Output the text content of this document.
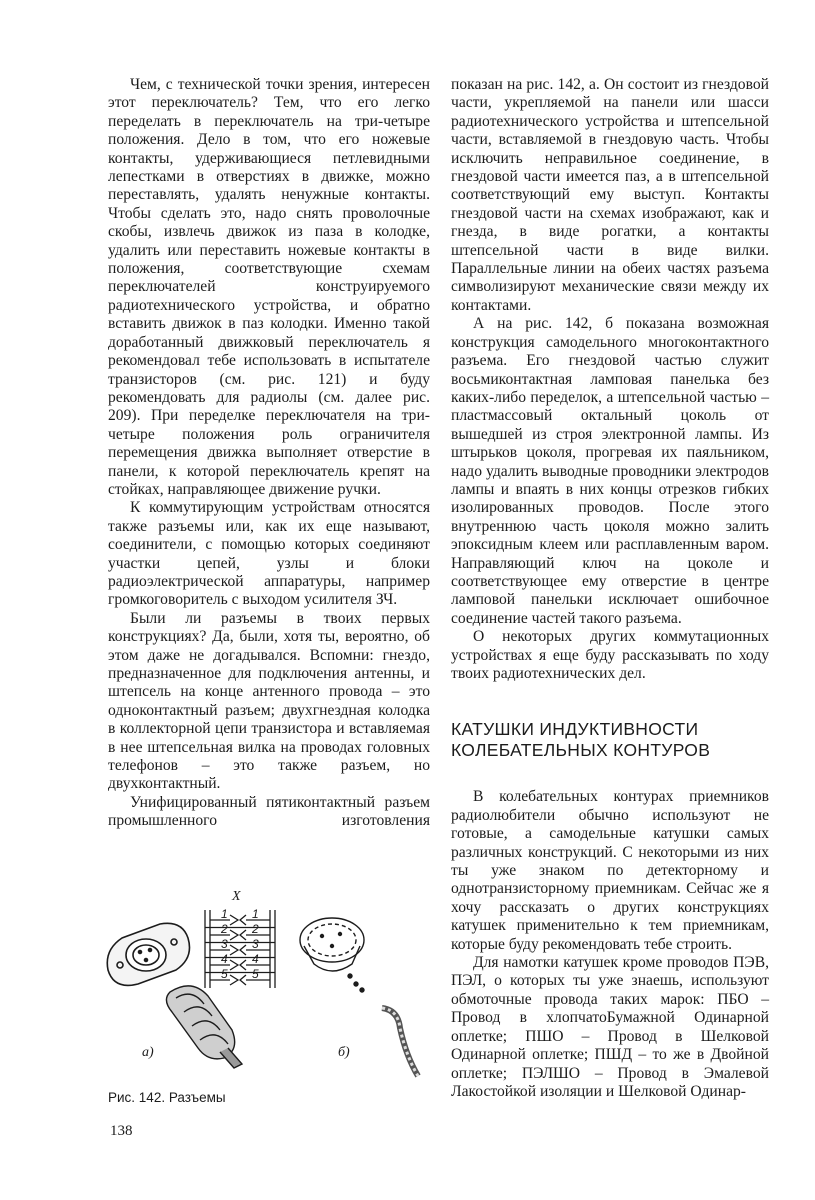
Чем, с технической точки зрения, интересен этот переключатель? Тем, что его легко переделать в переключатель на три-четыре положения. Дело в том, что его ножевые контакты, удерживающиеся петлевидными лепестками в отверстиях в движке, можно переставлять, удалять ненужные контакты. Чтобы сделать это, надо снять проволочные скобы, извлечь движок из паза в колодке, удалить или переставить ножевые контакты в положения, соответствующие схемам переключателей конструируемого радиотехнического устройства, и обратно вставить движок в паз колодки. Именно такой доработанный движковый переключатель я рекомендовал тебе использовать в испытателе транзисторов (см. рис. 121) и буду рекомендовать для радиолы (см. далее рис. 209). При переделке переключателя на три-четыре положения роль ограничителя перемещения движка выполняет отверстие в панели, к которой переключатель крепят на стойках, направляющее движение ручки.

К коммутирующим устройствам относятся также разъемы или, как их еще называют, соединители, с помощью которых соединяют участки цепей, узлы и блоки радиоэлектрической аппаратуры, например громкоговоритель с выходом усилителя ЗЧ.

Были ли разъемы в твоих первых конструкциях? Да, были, хотя ты, вероятно, об этом даже не догадывался. Вспомни: гнездо, предназначенное для подключения антенны, и штепсель на конце антенного провода – это одноконтактный разъем; двухгнездная колодка в коллекторной цепи транзистора и вставляемая в нее штепсельная вилка на проводах головных телефонов – это также разъем, но двухконтактный.

Унифицированный пятиконтактный разъем промышленного изготовления

показан на рис. 142, а. Он состоит из гнездовой части, укрепляемой на панели или шасси радиотехнического устройства и штепсельной части, вставляемой в гнездовую часть. Чтобы исключить неправильное соединение, в гнездовой части имеется паз, а в штепсельной соответствующий ему выступ. Контакты гнездовой части на схемах изображают, как и гнезда, в виде рогатки, а контакты штепсельной части в виде вилки. Параллельные линии на обеих частях разъема символизируют механические связи между их контактами.

А на рис. 142, б показана возможная конструкция самодельного многоконтактного разъема. Его гнездовой частью служит восьмиконтактная ламповая панелька без каких-либо переделок, а штепсельной частью – пластмассовый октальный цоколь от вышедшей из строя электронной лампы. Из штырьков цоколя, прогревая их паяльником, надо удалить выводные проводники электродов лампы и впаять в них концы отрезков гибких изолированных проводов. После этого внутреннюю часть цоколя можно залить эпоксидным клеем или расплавленным варом. Направляющий ключ на цоколе и соответствующее ему отверстие в центре ламповой панельки исключает ошибочное соединение частей такого разъема.

О некоторых других коммутационных устройствах я еще буду рассказывать по ходу твоих радиотехнических дел.

КАТУШКИ ИНДУКТИВНОСТИ КОЛЕБАТЕЛЬНЫХ КОНТУРОВ

В колебательных контурах приемников радиолюбители обычно используют не готовые, а самодельные катушки самых различных конструкций. С некоторыми из них ты уже знаком по детекторному и однотранзисторному приемникам. Сейчас же я хочу рассказать о других конструкциях катушек применительно к тем приемникам, которые буду рекомендовать тебе строить.

Для намотки катушек кроме проводов ПЭВ, ПЭЛ, о которых ты уже знаешь, используют обмоточные провода таких марок: ПБО – Провод в хлопчатоБумажной Одинарной оплетке; ПШО – Провод в Шелковой Одинарной оплетке; ПШД – то же в Двойной оплетке; ПЭЛШО – Провод в Эмалевой Лакостойкой изоляции и Шелковой Одинар-

X
1 1
2 2
3 3
4 4
5 5
а)	б)
Рис. 142. Разъемы
138
